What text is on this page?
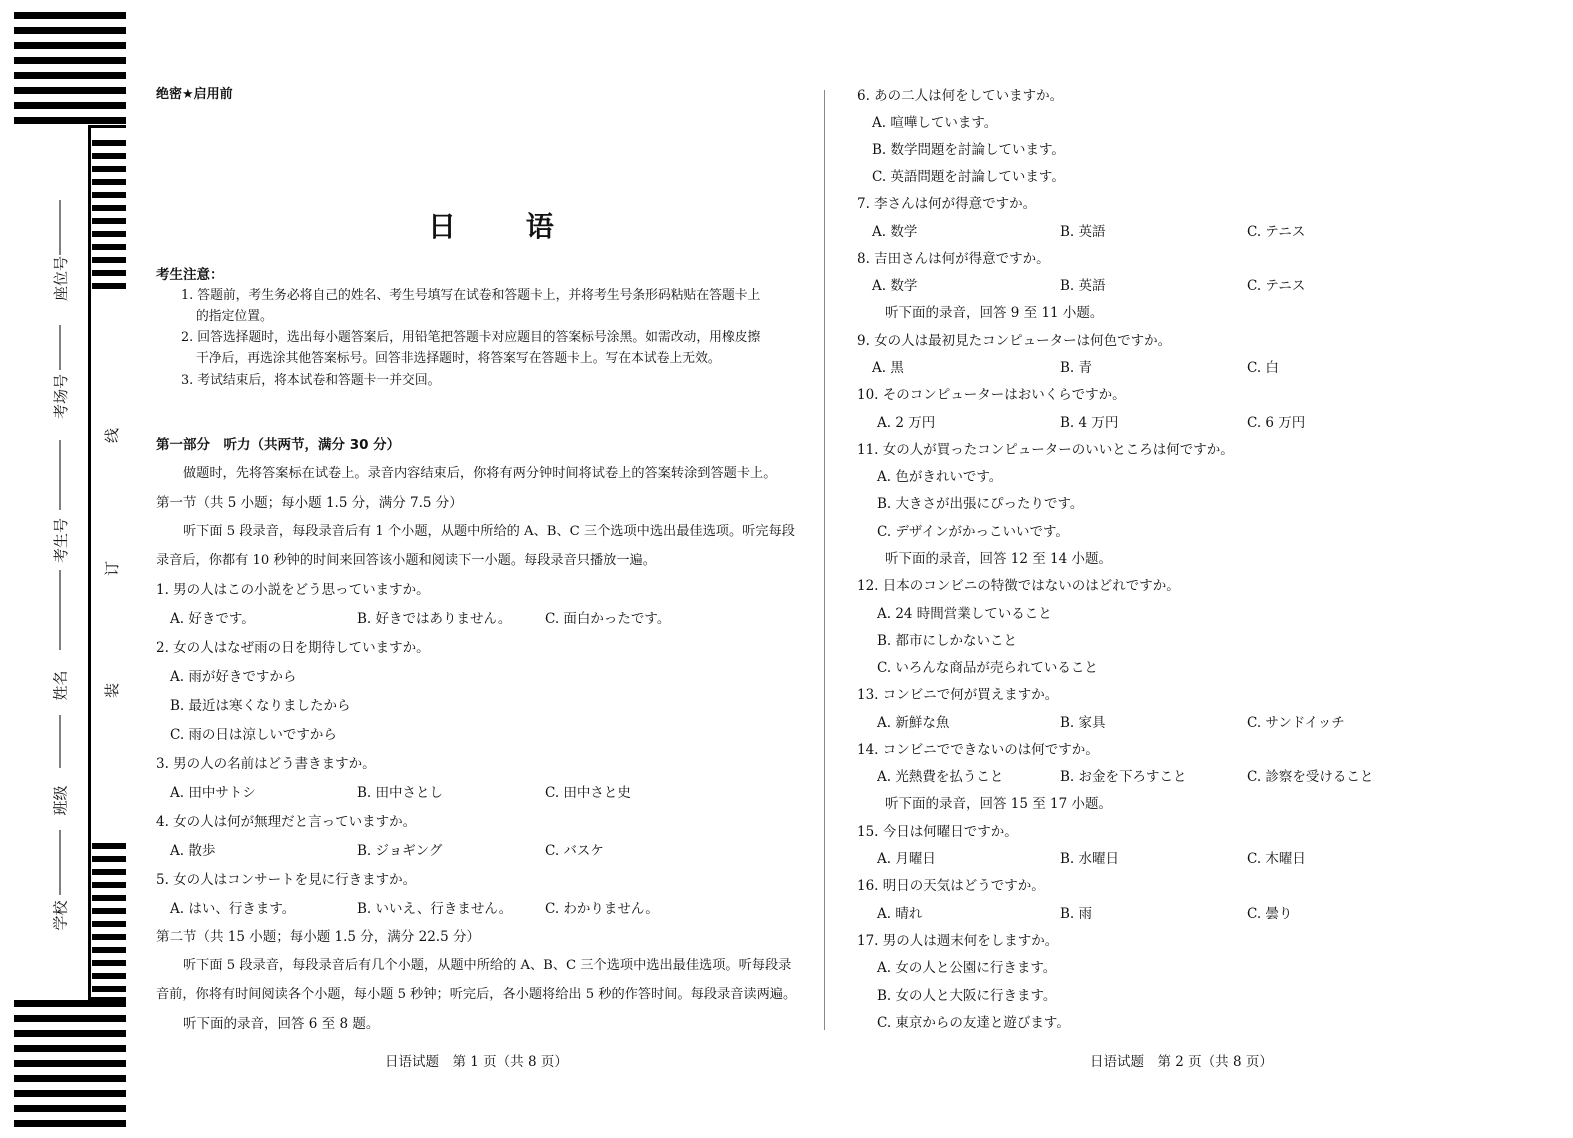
座位号
考场号
考生号
姓名
班级
学校
线
订
装
绝密★启用前
日 语
考生注意：
1. 答题前，考生务必将自己的姓名、考生号填写在试卷和答题卡上，并将考生号条形码粘贴在答题卡上
的指定位置。
2. 回答选择题时，选出每小题答案后，用铅笔把答题卡对应题目的答案标号涂黑。如需改动，用橡皮擦
干净后，再选涂其他答案标号。回答非选择题时，将答案写在答题卡上。写在本试卷上无效。
3. 考试结束后，将本试卷和答题卡一并交回。
第一部分　听力（共两节，满分 30 分）
做题时，先将答案标在试卷上。录音内容结束后，你将有两分钟时间将试卷上的答案转涂到答题卡上。
第一节（共 5 小题；每小题 1.5 分，满分 7.5 分）
听下面 5 段录音，每段录音后有 1 个小题，从题中所给的 A、B、C 三个选项中选出最佳选项。听完每段
录音后，你都有 10 秒钟的时间来回答该小题和阅读下一小题。每段录音只播放一遍。
1. 男の人はこの小説をどう思っていますか。
A. 好きです。	B. 好きではありません。 C. 面白かったです。
2. 女の人はなぜ雨の日を期待していますか。
A. 雨が好きですから
B. 最近は寒くなりましたから
C. 雨の日は涼しいですから
3. 男の人の名前はどう書きますか。
A. 田中サトシ	B. 田中さとし	C. 田中さと史
4. 女の人は何が無理だと言っていますか。
A. 散歩	B. ジョギング	C. バスケ
5. 女の人はコンサートを見に行きますか。
A. はい、行きます。	B. いいえ、行きません。 C. わかりません。
第二节（共 15 小题；每小题 1.5 分，满分 22.5 分）
听下面 5 段录音，每段录音后有几个小题，从题中所给的 A、B、C 三个选项中选出最佳选项。听每段录
音前，你将有时间阅读各个小题，每小题 5 秒钟；听完后，各小题将给出 5 秒的作答时间。每段录音读两遍。
听下面的录音，回答 6 至 8 题。
日语试题　第 1 页（共 8 页）
6. あの二人は何をしていますか。
A. 喧嘩しています。
B. 数学問題を討論しています。
C. 英語問題を討論しています。
7. 李さんは何が得意ですか。
A. 数学	B. 英語	C. テニス
8. 吉田さんは何が得意ですか。
A. 数学	B. 英語	C. テニス
听下面的录音，回答 9 至 11 小题。
9. 女の人は最初見たコンピューターは何色ですか。
A. 黒	B. 青	C. 白
10. そのコンピューターはおいくらですか。
A. 2 万円	B. 4 万円	C. 6 万円
11. 女の人が買ったコンピューターのいいところは何ですか。
A. 色がきれいです。
B. 大きさが出張にぴったりです。
C. デザインがかっこいいです。
听下面的录音，回答 12 至 14 小题。
12. 日本のコンビニの特徴ではないのはどれですか。
A. 24 時間営業していること
B. 都市にしかないこと
C. いろんな商品が売られていること
13. コンビニで何が買えますか。
A. 新鮮な魚	B. 家具	C. サンドイッチ
14. コンビニでできないのは何ですか。
A. 光熱費を払うこと	B. お金を下ろすこと	C. 診察を受けること
听下面的录音，回答 15 至 17 小题。
15. 今日は何曜日ですか。
A. 月曜日	B. 水曜日	C. 木曜日
16. 明日の天気はどうですか。
A. 晴れ	B. 雨	C. 曇り
17. 男の人は週末何をしますか。
A. 女の人と公園に行きます。
B. 女の人と大阪に行きます。
C. 東京からの友達と遊びます。
日语试题　第 2 页（共 8 页）
